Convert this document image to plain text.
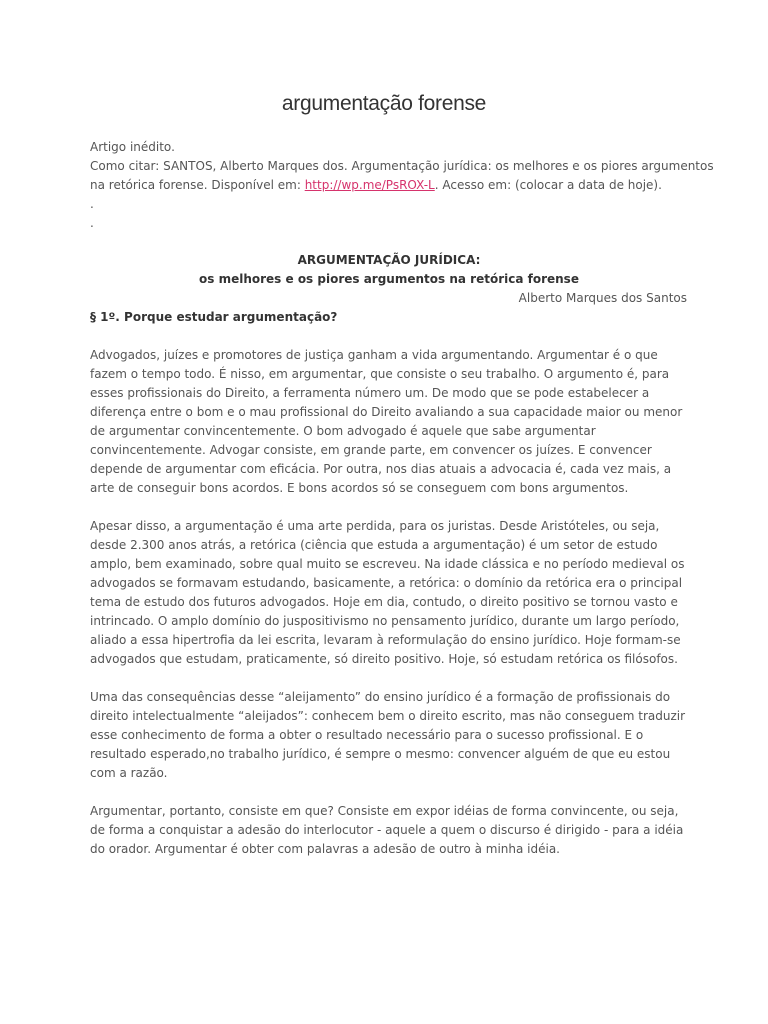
argumentação forense

Artigo inédito.

Como citar: SANTOS, Alberto Marques dos. Argumentação jurídica: os melhores e os piores argumentos

na retórica forense. Disponível em: http://wp.me/PsROX-L. Acesso em: (colocar a data de hoje).

.

.

ARGUMENTAÇÃO JURÍDICA:

os melhores e os piores argumentos na retórica forense

Alberto Marques dos Santos

§ 1º. Porque estudar argumentação?

Advogados, juízes e promotores de justiça ganham a vida argumentando. Argumentar é o que fazem o tempo todo. É nisso, em argumentar, que consiste o seu trabalho. O argumento é, para esses profissionais do Direito, a ferramenta número um. De modo que se pode estabelecer a diferença entre o bom e o mau profissional do Direito avaliando a sua capacidade maior ou menor de argumentar convincentemente. O bom advogado é aquele que sabe argumentar convincentemente. Advogar consiste, em grande parte, em convencer os juízes. E convencer depende de argumentar com eficácia. Por outra, nos dias atuais a advocacia é, cada vez mais, a arte de conseguir bons acordos. E bons acordos só se conseguem com bons argumentos.

Apesar disso, a argumentação é uma arte perdida, para os juristas. Desde Aristóteles, ou seja, desde 2.300 anos atrás, a retórica (ciência que estuda a argumentação) é um setor de estudo amplo, bem examinado, sobre qual muito se escreveu. Na idade clássica e no período medieval os advogados se formavam estudando, basicamente, a retórica: o domínio da retórica era o principal tema de estudo dos futuros advogados. Hoje em dia, contudo, o direito positivo se tornou vasto e intrincado. O amplo domínio do juspositivismo no pensamento jurídico, durante um largo período, aliado a essa hipertrofia da lei escrita, levaram à reformulação do ensino jurídico. Hoje formam-se advogados que estudam, praticamente, só direito positivo. Hoje, só estudam retórica os filósofos.

Uma das consequências desse “aleijamento” do ensino jurídico é a formação de profissionais do direito intelectualmente “aleijados”: conhecem bem o direito escrito, mas não conseguem traduzir esse conhecimento de forma a obter o resultado necessário para o sucesso profissional. E o resultado esperado,no trabalho jurídico, é sempre o mesmo: convencer alguém de que eu estou com a razão.

Argumentar, portanto, consiste em que? Consiste em expor idéias de forma convincente, ou seja, de forma a conquistar a adesão do interlocutor - aquele a quem o discurso é dirigido - para a idéia do orador. Argumentar é obter com palavras a adesão de outro à minha idéia.
